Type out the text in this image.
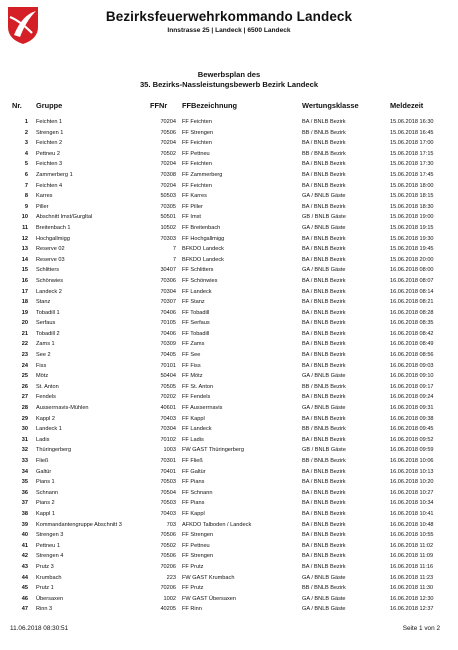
Bezirksfeuerwehrkommando Landeck
Innstrasse 25 | Landeck | 6500 Landeck
Bewerbsplan des
35. Bezirks-Nassleistungsbewerb Bezirk Landeck
Nr. Gruppe	FFNr FFBezeichnung	Wertungsklasse	Meldezeit
1 Feichten 1	70204 FF Feichten	BA / BNLB Bezirk	15.06.2018 16:30
2 Strengen 1	70506 FF Strengen	BB / BNLB Bezirk	15.06.2018 16:45
3 Feichten 2	70204 FF Feichten	BA / BNLB Bezirk	15.06.2018 17:00
4 Pettneu 2	70502 FF Pettneu	BB / BNLB Bezirk	15.06.2018 17:15
5 Feichten 3	70204 FF Feichten	BA / BNLB Bezirk	15.06.2018 17:30
6 Zammerberg 1	70308 FF Zammerberg	BA / BNLB Bezirk	15.06.2018 17:45
7 Feichten 4	70204 FF Feichten	BA / BNLB Bezirk	15.06.2018 18:00
8 Karres	50503 FF Karres	GA / BNLB Gäste	15.06.2018 18:15
9 Piller	70305 FF Piller	BA / BNLB Bezirk	15.06.2018 18:30
10 Abschnitt Imst/Gurgltal	50501 FF Imst	GB / BNLB Gäste	15.06.2018 19:00
11 Breitenbach 1	10502 FF Breitenbach	GA / BNLB Gäste	15.06.2018 19:15
12 Hochgallmigg	70303 FF Hochgallmigg	BA / BNLB Bezirk	15.06.2018 19:30
13 Reserve 02	7 BFKDO Landeck	BA / BNLB Bezirk	15.06.2018 19:45
14 Reserve 03	7 BFKDO Landeck	BA / BNLB Bezirk	15.06.2018 20:00
15 Schlitters	30407 FF Schlitters	GA / BNLB Gäste	16.06.2018 08:00
16 Schönwies	70306 FF Schönwies	BA / BNLB Bezirk	16.06.2018 08:07
17 Landeck 2	70304 FF Landeck	BA / BNLB Bezirk	16.06.2018 08:14
18 Stanz	70307 FF Stanz	BA / BNLB Bezirk	16.06.2018 08:21
19 Tobadill 1	70406 FF Tobadill	BA / BNLB Bezirk	16.06.2018 08:28
20 Serfaus	70105 FF Serfaus	BA / BNLB Bezirk	16.06.2018 08:35
21 Tobadill 2	70406 FF Tobadill	BA / BNLB Bezirk	16.06.2018 08:42
22 Zams 1	70309 FF Zams	BA / BNLB Bezirk	16.06.2018 08:49
23 See 2	70405 FF See	BA / BNLB Bezirk	16.06.2018 08:56
24 Fiss	70101 FF Fiss	BA / BNLB Bezirk	16.06.2018 09:03
25 Mötz	50404 FF Mötz	GA / BNLB Gäste	16.06.2018 09:10
26 St. Anton	70505 FF St. Anton	BB / BNLB Bezirk	16.06.2018 09:17
27 Fendels	70202 FF Fendels	BA / BNLB Bezirk	16.06.2018 09:24
28 Ausserrnavis-Mühlen	40601 FF Ausserrnavis	GA / BNLB Gäste	16.06.2018 09:31
29 Kappl 2	70403 FF Kappl	BA / BNLB Bezirk	16.06.2018 09:38
30 Landeck 1	70304 FF Landeck	BB / BNLB Bezirk	16.06.2018 09:45
31 Ladis	70102 FF Ladis	BA / BNLB Bezirk	16.06.2018 09:52
32 Thüringerberg	1003 FW GAST Thüringerberg	GB / BNLB Gäste	16.06.2018 09:59
33 Fließ	70301 FF Fließ	BB / BNLB Bezirk	16.06.2018 10:06
34 Galtür	70401 FF Galtür	BA / BNLB Bezirk	16.06.2018 10:13
35 Pians 1	70503 FF Pians	BA / BNLB Bezirk	16.06.2018 10:20
36 Schnann	70504 FF Schnann	BA / BNLB Bezirk	16.06.2018 10:27
37 Pians 2	70503 FF Pians	BA / BNLB Bezirk	16.06.2018 10:34
38 Kappl 1	70403 FF Kappl	BA / BNLB Bezirk	16.06.2018 10:41
39 Kommandantengruppe Abschnitt 3	703 AFKDO Talboden / Landeck	BA / BNLB Bezirk	16.06.2018 10:48
40 Strengen 3	70506 FF Strengen	BA / BNLB Bezirk	16.06.2018 10:55
41 Pettneu 1	70502 FF Pettneu	BA / BNLB Bezirk	16.06.2018 11:02
42 Strengen 4	70506 FF Strengen	BA / BNLB Bezirk	16.06.2018 11:09
43 Prutz 3	70206 FF Prutz	BA / BNLB Bezirk	16.06.2018 11:16
44 Krumbach	223 FW GAST Krumbach	GA / BNLB Gäste	16.06.2018 11:23
45 Prutz 1	70206 FF Prutz	BB / BNLB Bezirk	16.06.2018 11:30
46 Übersaxen	1002 FW GAST Übersaxen	GA / BNLB Gäste	16.06.2018 12:30
47 Rinn 3	40205 FF Rinn	GA / BNLB Gäste	16.06.2018 12:37
11.06.2018 08:30:51	Seite 1 von 2
